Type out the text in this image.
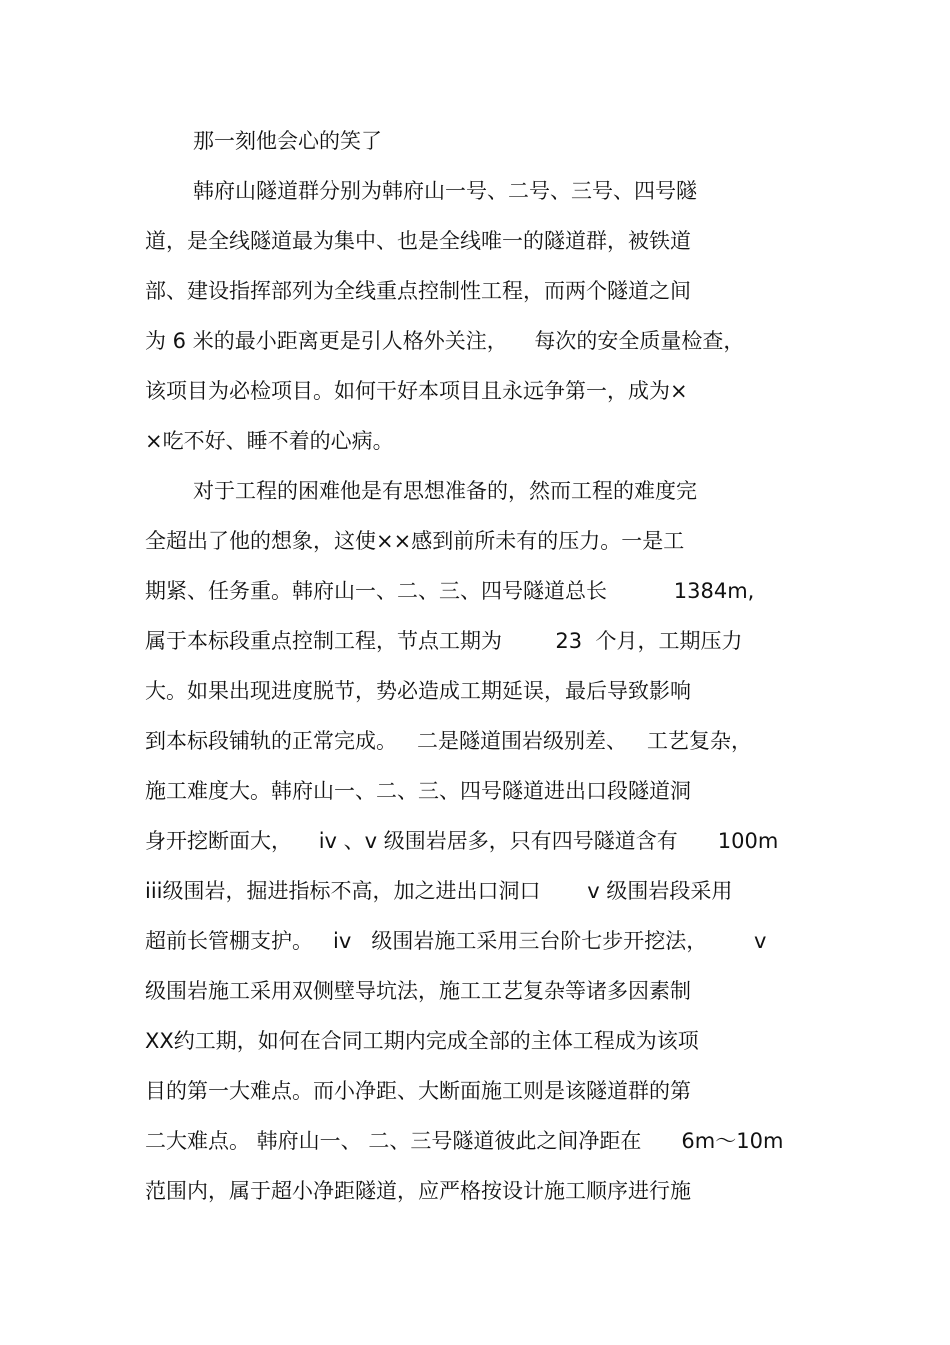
那一刻他会心的笑了
韩府山隧道群分别为韩府山一号、二号、三号、四号隧
道，是全线隧道最为集中、也是全线唯一的隧道群，被铁道
部、建设指挥部列为全线重点控制性工程，而两个隧道之间
为 6 米的最小距离更是引人格外关注，    每次的安全质量检查，
该项目为必检项目。如何干好本项目且永远争第一，成为×
×吃不好、睡不着的心病。
对于工程的困难他是有思想准备的，然而工程的难度完
全超出了他的想象，这使××感到前所未有的压力。一是工
期紧、任务重。韩府山一、二、三、四号隧道总长          1384m,
属于本标段重点控制工程，节点工期为        23  个月，工期压力
大。如果出现进度脱节，势必造成工期延误，最后导致影响
到本标段铺轨的正常完成。   二是隧道围岩级别差、   工艺复杂，
施工难度大。韩府山一、二、三、四号隧道进出口段隧道洞
身开挖断面大，    iv 、v 级围岩居多，只有四号隧道含有      100m
iii级围岩，掘进指标不高，加之进出口洞口       v 级围岩段采用
超前长管棚支护。   iv   级围岩施工采用三台阶七步开挖法，       v
级围岩施工采用双侧壁导坑法，施工工艺复杂等诸多因素制
XX约工期，如何在合同工期内完成全部的主体工程成为该项
目的第一大难点。而小净距、大断面施工则是该隧道群的第
二大难点。 韩府山一、 二、三号隧道彼此之间净距在      6m～10m
范围内，属于超小净距隧道，应严格按设计施工顺序进行施
